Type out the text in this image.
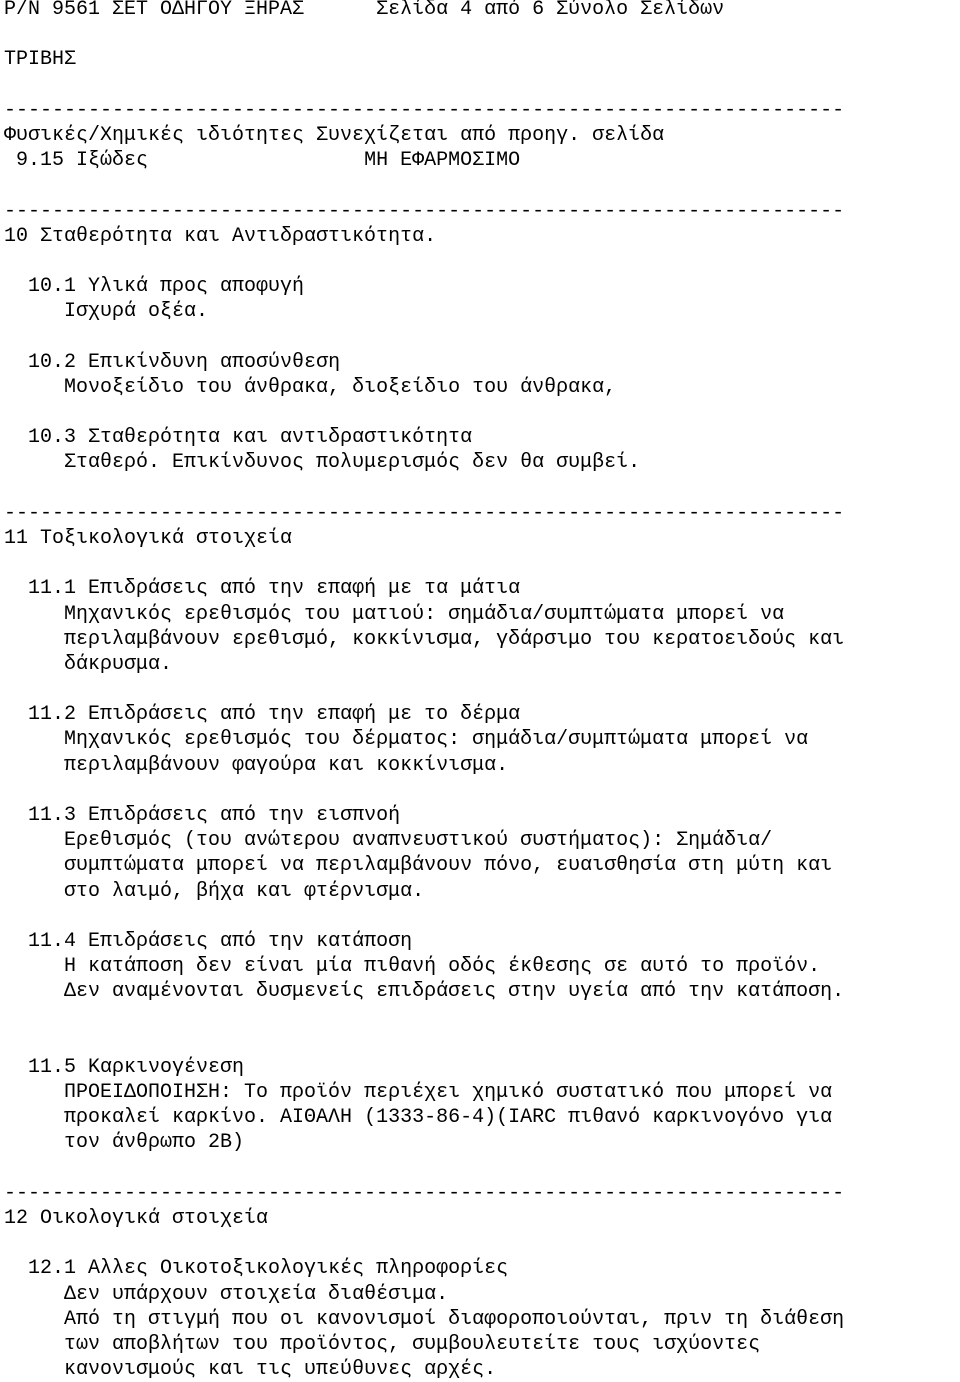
P/N 9561 ΣΕΤ ΟΔΗΓΟΥ ΞΗΡΑΣ	Σελίδα 4 από 6 Σύνολο Σελίδων

ΤΡΙΒΗΣ

----------------------------------------------------------------------
Φυσικές/Χημικές ιδιότητες Συνεχίζεται από προηγ. σελίδα
9.15 Ιξώδες	ΜΗ ΕΦΑΡΜΟΣΙΜΟ

----------------------------------------------------------------------
10 Σταθερότητα και Αντιδραστικότητα.

10.1 Υλικά προς αποφυγή
Ισχυρά οξέα.

10.2 Επικίνδυνη αποσύνθεση
Μονοξείδιο του άνθρακα, διοξείδιο του άνθρακα,

10.3 Σταθερότητα και αντιδραστικότητα
Σταθερό. Επικίνδυνος πολυμερισμός δεν θα συμβεί.

----------------------------------------------------------------------
11 Τοξικολογικά στοιχεία

11.1 Επιδράσεις από την επαφή με τα μάτια
Μηχανικός ερεθισμός του ματιού: σημάδια/συμπτώματα μπορεί να
περιλαμβάνουν ερεθισμό, κοκκίνισμα, γδάρσιμο του κερατοειδούς και
δάκρυσμα.

11.2 Επιδράσεις από την επαφή με το δέρμα
Μηχανικός ερεθισμός του δέρματος: σημάδια/συμπτώματα μπορεί να
περιλαμβάνουν φαγούρα και κοκκίνισμα.

11.3 Επιδράσεις από την εισπνοή
Ερεθισμός (του ανώτερου αναπνευστικού συστήματος): Σημάδια/
συμπτώματα μπορεί να περιλαμβάνουν πόνο, ευαισθησία στη μύτη και
στο λαιμό, βήχα και φτέρνισμα.

11.4 Επιδράσεις από την κατάποση
Η κατάποση δεν είναι μία πιθανή οδός έκθεσης σε αυτό το προϊόν.
Δεν αναμένονται δυσμενείς επιδράσεις στην υγεία από την κατάποση.

11.5 Καρκινογένεση
ΠΡΟΕΙΔΟΠΟΙΗΣΗ: Το προϊόν περιέχει χημικό συστατικό που μπορεί να
προκαλεί καρκίνο. ΑΙΘΑΛΗ (1333-86-4)(IARC πιθανό καρκινογόνο για
τον άνθρωπο 2B)

----------------------------------------------------------------------
12 Οικολογικά στοιχεία

12.1 Αλλες Οικοτοξικολογικές πληροφορίες
Δεν υπάρχουν στοιχεία διαθέσιμα.
Από τη στιγμή που οι κανονισμοί διαφοροποιούνται, πριν τη διάθεση
των αποβλήτων του προϊόντος, συμβουλευτείτε τους ισχύοντες
κανονισμούς και τις υπεύθυνες αρχές.
